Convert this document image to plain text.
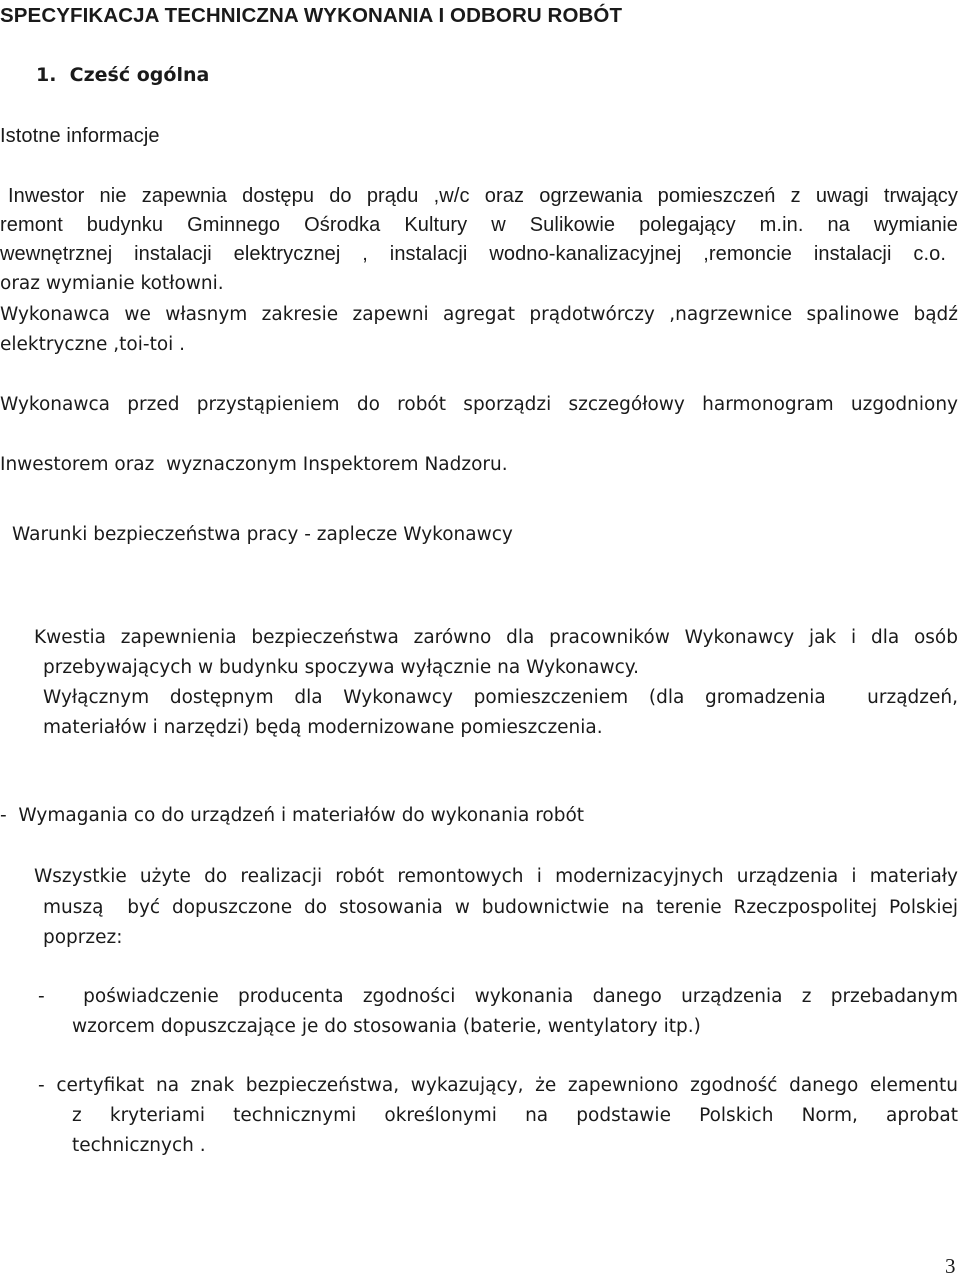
SPECYFIKACJA TECHNICZNA WYKONANIA I ODBORU ROBÓT

1.  Cześć ogólna

Istotne informacje

Inwestor nie zapewnia dostępu do prądu ,w/c oraz ogrzewania pomieszczeń z uwagi trwający

remont budynku Gminnego Ośrodka Kultury w Sulikowie polegający m.in. na wymianie

wewnętrznej instalacji elektrycznej , instalacji wodno-kanalizacyjnej ,remoncie instalacji c.o.

oraz wymianie kotłowni.

Wykonawca we własnym zakresie zapewni agregat prądotwórczy ,nagrzewnice spalinowe bądź

elektryczne ,toi-toi .

Wykonawca przed przystąpieniem do robót sporządzi szczegółowy harmonogram uzgodniony

Inwestorem oraz  wyznaczonym Inspektorem Nadzoru.

Warunki bezpieczeństwa pracy - zaplecze Wykonawcy

Kwestia zapewnienia bezpieczeństwa zarówno dla pracowników Wykonawcy jak i dla osób

przebywających w budynku spoczywa wyłącznie na Wykonawcy.

Wyłącznym dostępnym dla Wykonawcy pomieszczeniem (dla gromadzenia  urządzeń,

materiałów i narzędzi) będą modernizowane pomieszczenia.

-  Wymagania co do urządzeń i materiałów do wykonania robót

Wszystkie użyte do realizacji robót remontowych i modernizacyjnych urządzenia i materiały

muszą  być dopuszczone do stosowania w budownictwie na terenie Rzeczpospolitej Polskiej

poprzez:

-  poświadczenie producenta zgodności wykonania danego urządzenia z przebadanym

wzorcem dopuszczające je do stosowania (baterie, wentylatory itp.)

- certyfikat na znak bezpieczeństwa, wykazujący, że zapewniono zgodność danego elementu

z kryteriami technicznymi określonymi na podstawie Polskich Norm, aprobat

technicznych .

3
